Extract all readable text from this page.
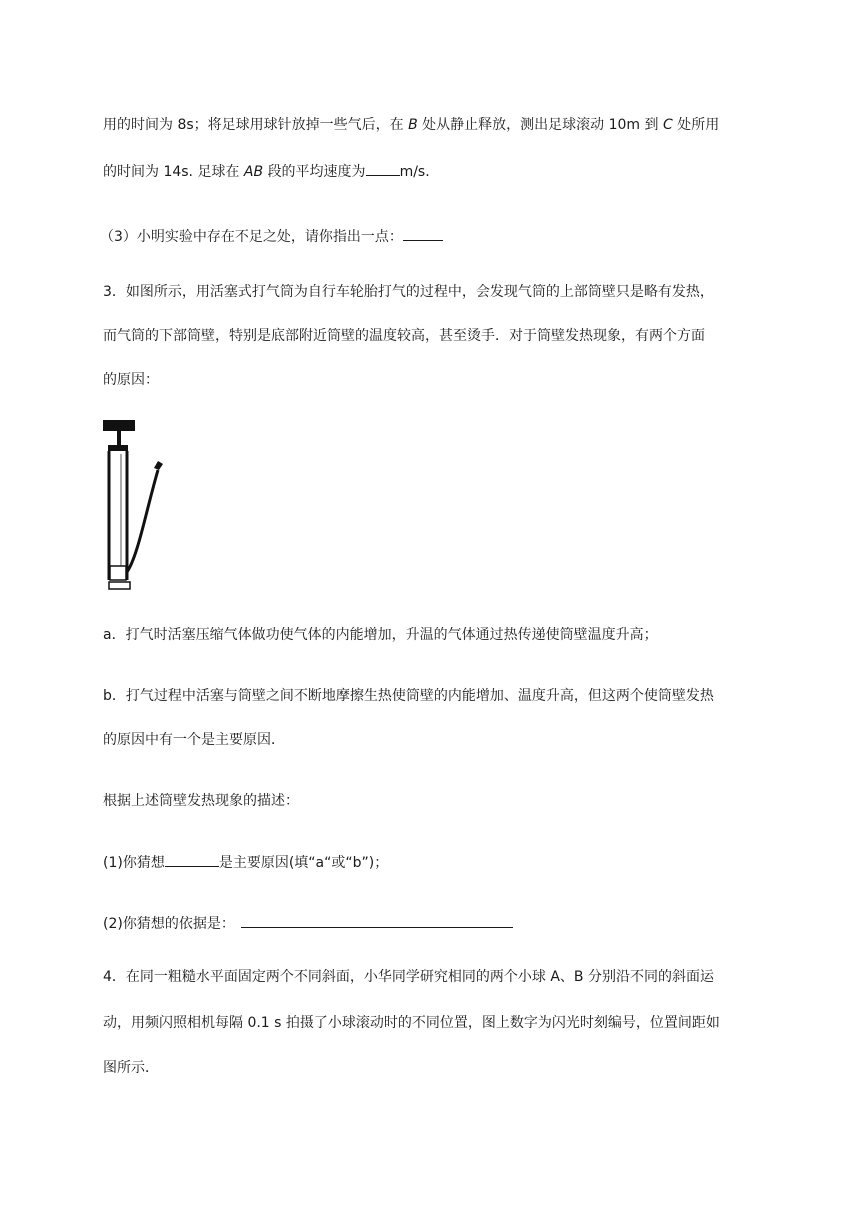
用的时间为 8s；将足球用球针放掉一些气后，在 B 处从静止释放，测出足球滚动 10m 到 C 处所用
的时间为 14s. 足球在 AB 段的平均速度为 m/s.
（3）小明实验中存在不足之处，请你指出一点：
3．如图所示，用活塞式打气筒为自行车轮胎打气的过程中，会发现气筒的上部筒壁只是略有发热，
而气筒的下部筒壁，特别是底部附近筒壁的温度较高，甚至烫手．对于筒壁发热现象，有两个方面
的原因：
a．打气时活塞压缩气体做功使气体的内能增加，升温的气体通过热传递使筒壁温度升高；
b．打气过程中活塞与筒壁之间不断地摩擦生热使筒壁的内能增加、温度升高，但这两个使筒壁发热
的原因中有一个是主要原因．
根据上述筒壁发热现象的描述：
(1)你猜想	是主要原因(填“a“或“b”)；
(2)你猜想的依据是：
4．在同一粗糙水平面固定两个不同斜面，小华同学研究相同的两个小球 A、B 分别沿不同的斜面运
动，用频闪照相机每隔 0.1 s 拍摄了小球滚动时的不同位置，图上数字为闪光时刻编号，位置间距如
图所示．
